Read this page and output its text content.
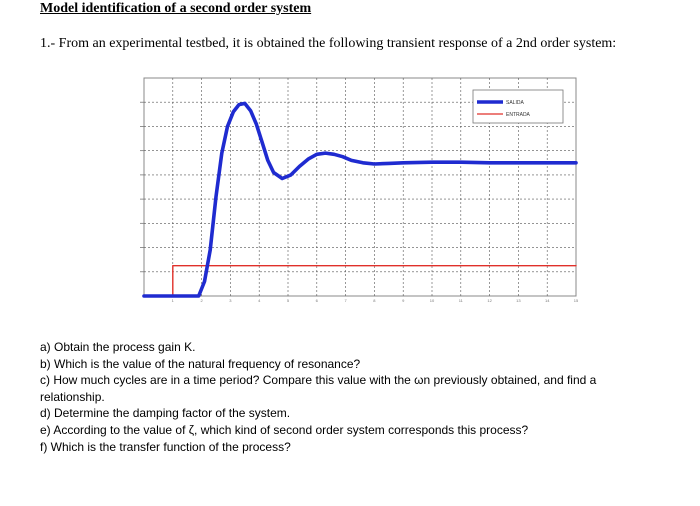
Model identification of a second order system
1.- From an experimental testbed, it is obtained the following transient response of a 2nd order system:
1	2	3	4	5	6	7	8	9	10	11	12	13	14	15
SALIDA
ENTRADA
a) Obtain the process gain K.
b) Which is the value of the natural frequency of resonance?
c) How much cycles are in a time period? Compare this value with the ωn previously obtained, and find a relationship.
d) Determine the damping factor of the system.
e) According to the value of ζ, which kind of second order system corresponds this process?
f) Which is the transfer function of the process?
